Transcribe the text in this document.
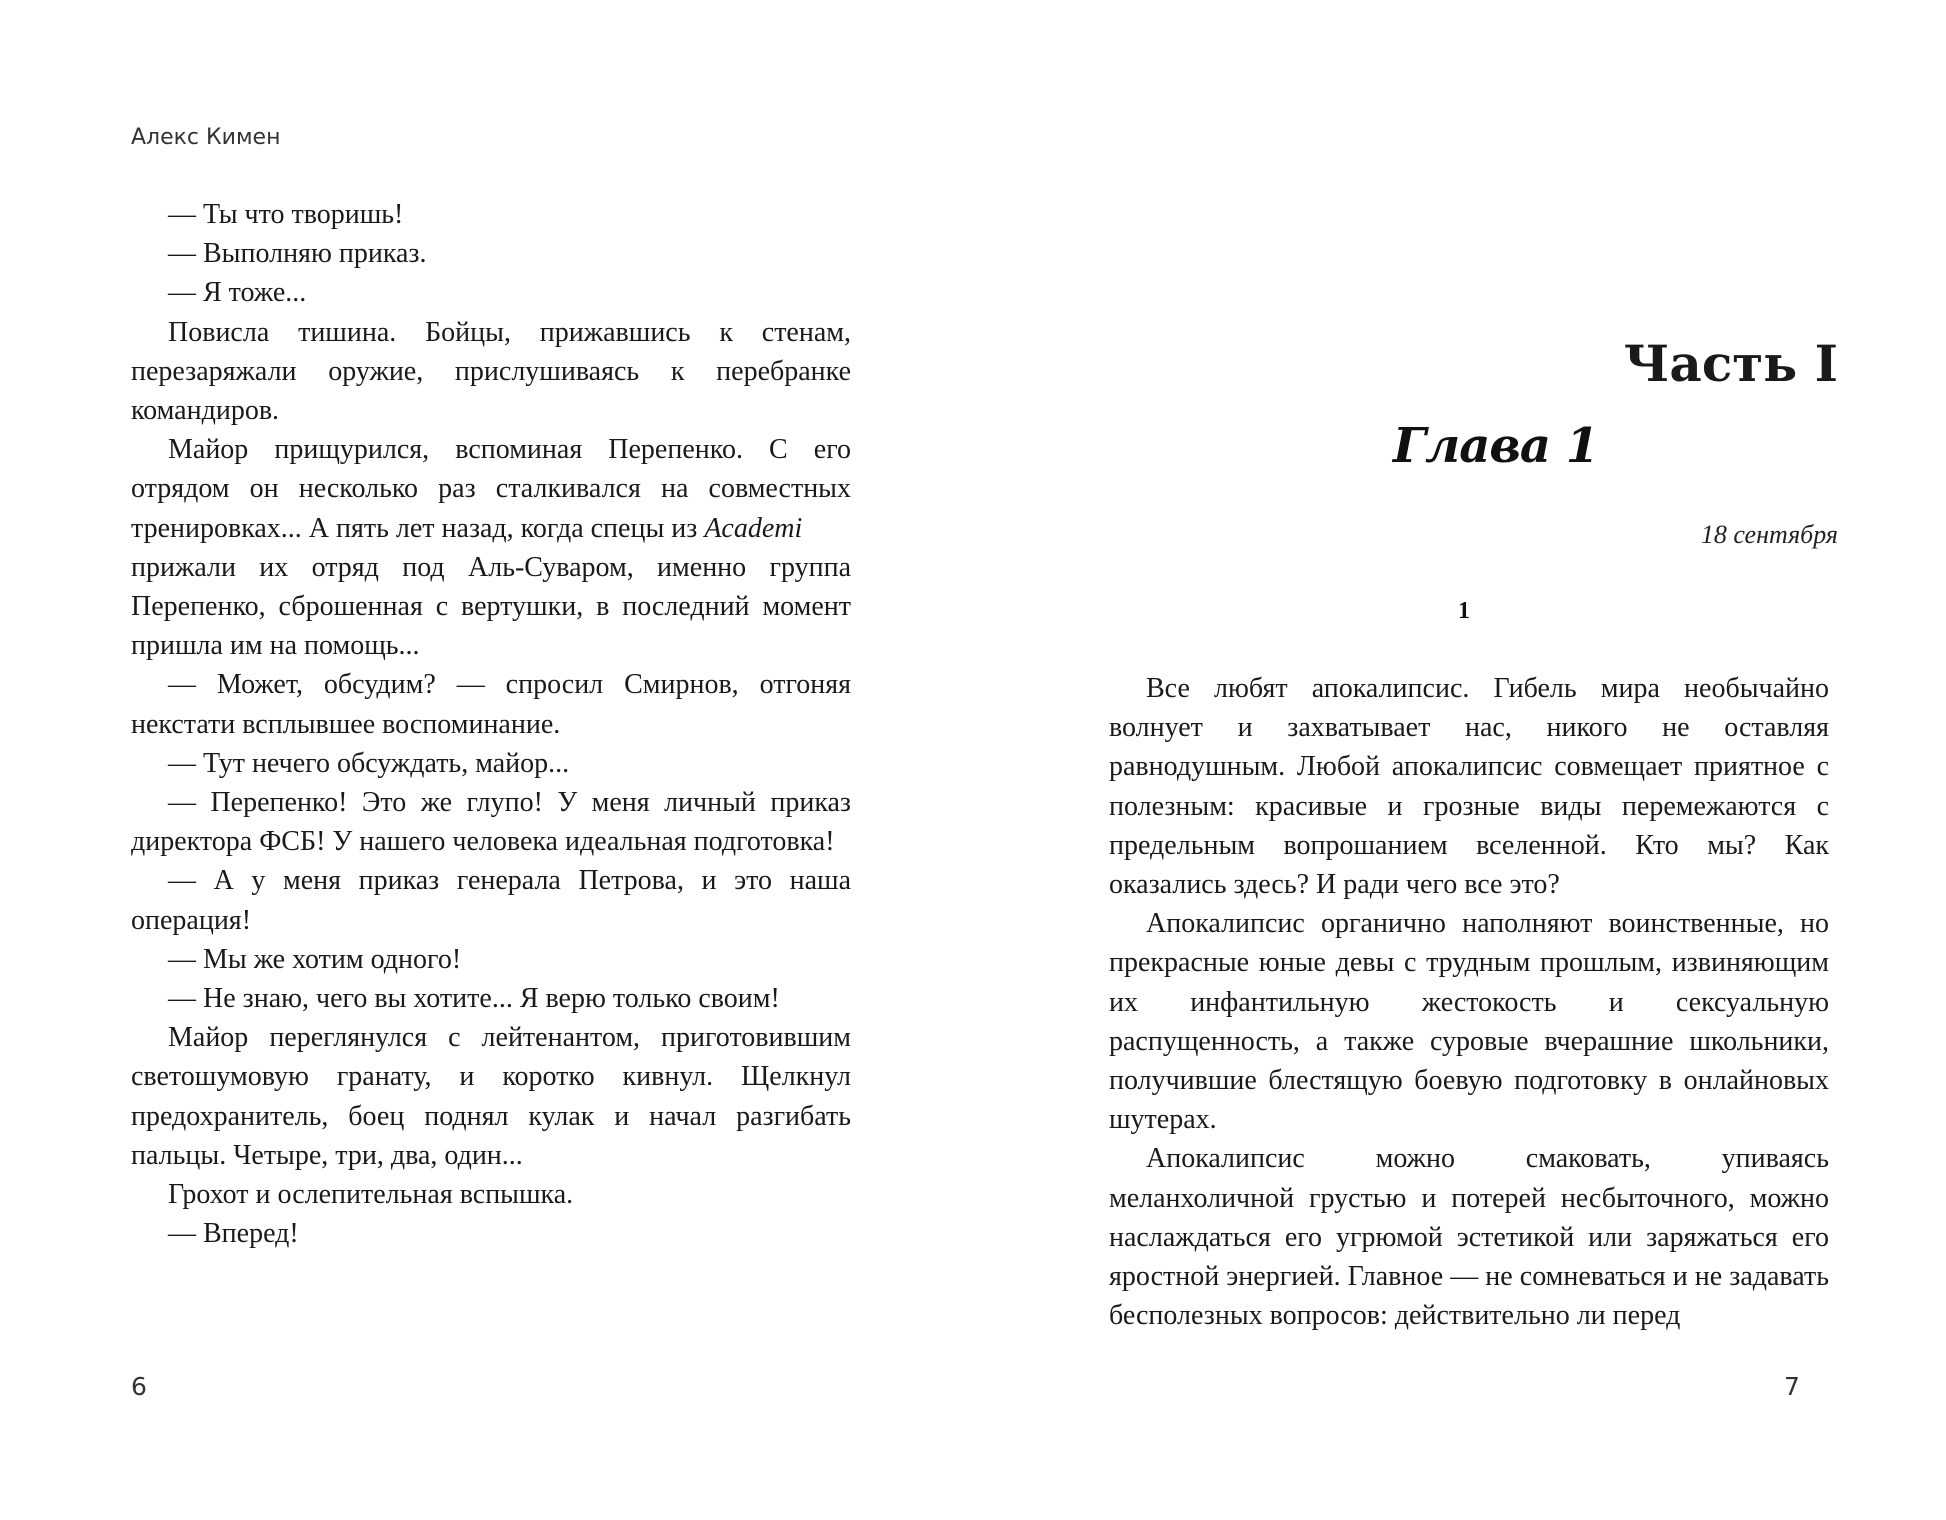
Алекс Кимен

— Ты что творишь!

— Выполняю приказ.

— Я тоже...

Повисла тишина. Бойцы, прижавшись к стенам, перезаряжали оружие, прислушиваясь к перебранке командиров.

Майор прищурился, вспоминая Перепенко. С его отрядом он несколько раз сталкивался на совместных тренировках... А пять лет назад, когда спецы из Academi

прижали их отряд под Аль-Суваром, именно группа Перепенко, сброшенная с вертушки, в последний момент пришла им на помощь...

— Может, обсудим? — спросил Смирнов, отгоняя некстати всплывшее воспоминание.

— Тут нечего обсуждать, майор...

— Перепенко! Это же глупо! У меня личный приказ директора ФСБ! У нашего человека идеальная подготовка!

— А у меня приказ генерала Петрова, и это наша операция!

— Мы же хотим одного!

— Не знаю, чего вы хотите... Я верю только своим!

Майор переглянулся с лейтенантом, приготовившим светошумовую гранату, и коротко кивнул. Щелкнул предохранитель, боец поднял кулак и начал разгибать пальцы. Четыре, три, два, один...

Грохот и ослепительная вспышка.

— Вперед!

6
Часть I
Глава 1
18 сентября
1

Все любят апокалипсис. Гибель мира необычайно волнует и захватывает нас, никого не оставляя равнодушным. Любой апокалипсис совмещает приятное с полезным: красивые и грозные виды перемежаются с предельным вопрошанием вселенной. Кто мы? Как оказались здесь? И ради чего все это?

Апокалипсис органично наполняют воинственные, но прекрасные юные девы с трудным прошлым, извиняющим их инфантильную жестокость и сексуальную распущенность, а также суровые вчерашние школьники, получившие блестящую боевую подготовку в онлайновых шутерах.

Апокалипсис можно смаковать, упиваясь меланхоличной грустью и потерей несбыточного, можно наслаждаться его угрюмой эстетикой или заряжаться его яростной энергией. Главное — не сомневаться и не задавать бесполезных вопросов: действительно ли перед

7
